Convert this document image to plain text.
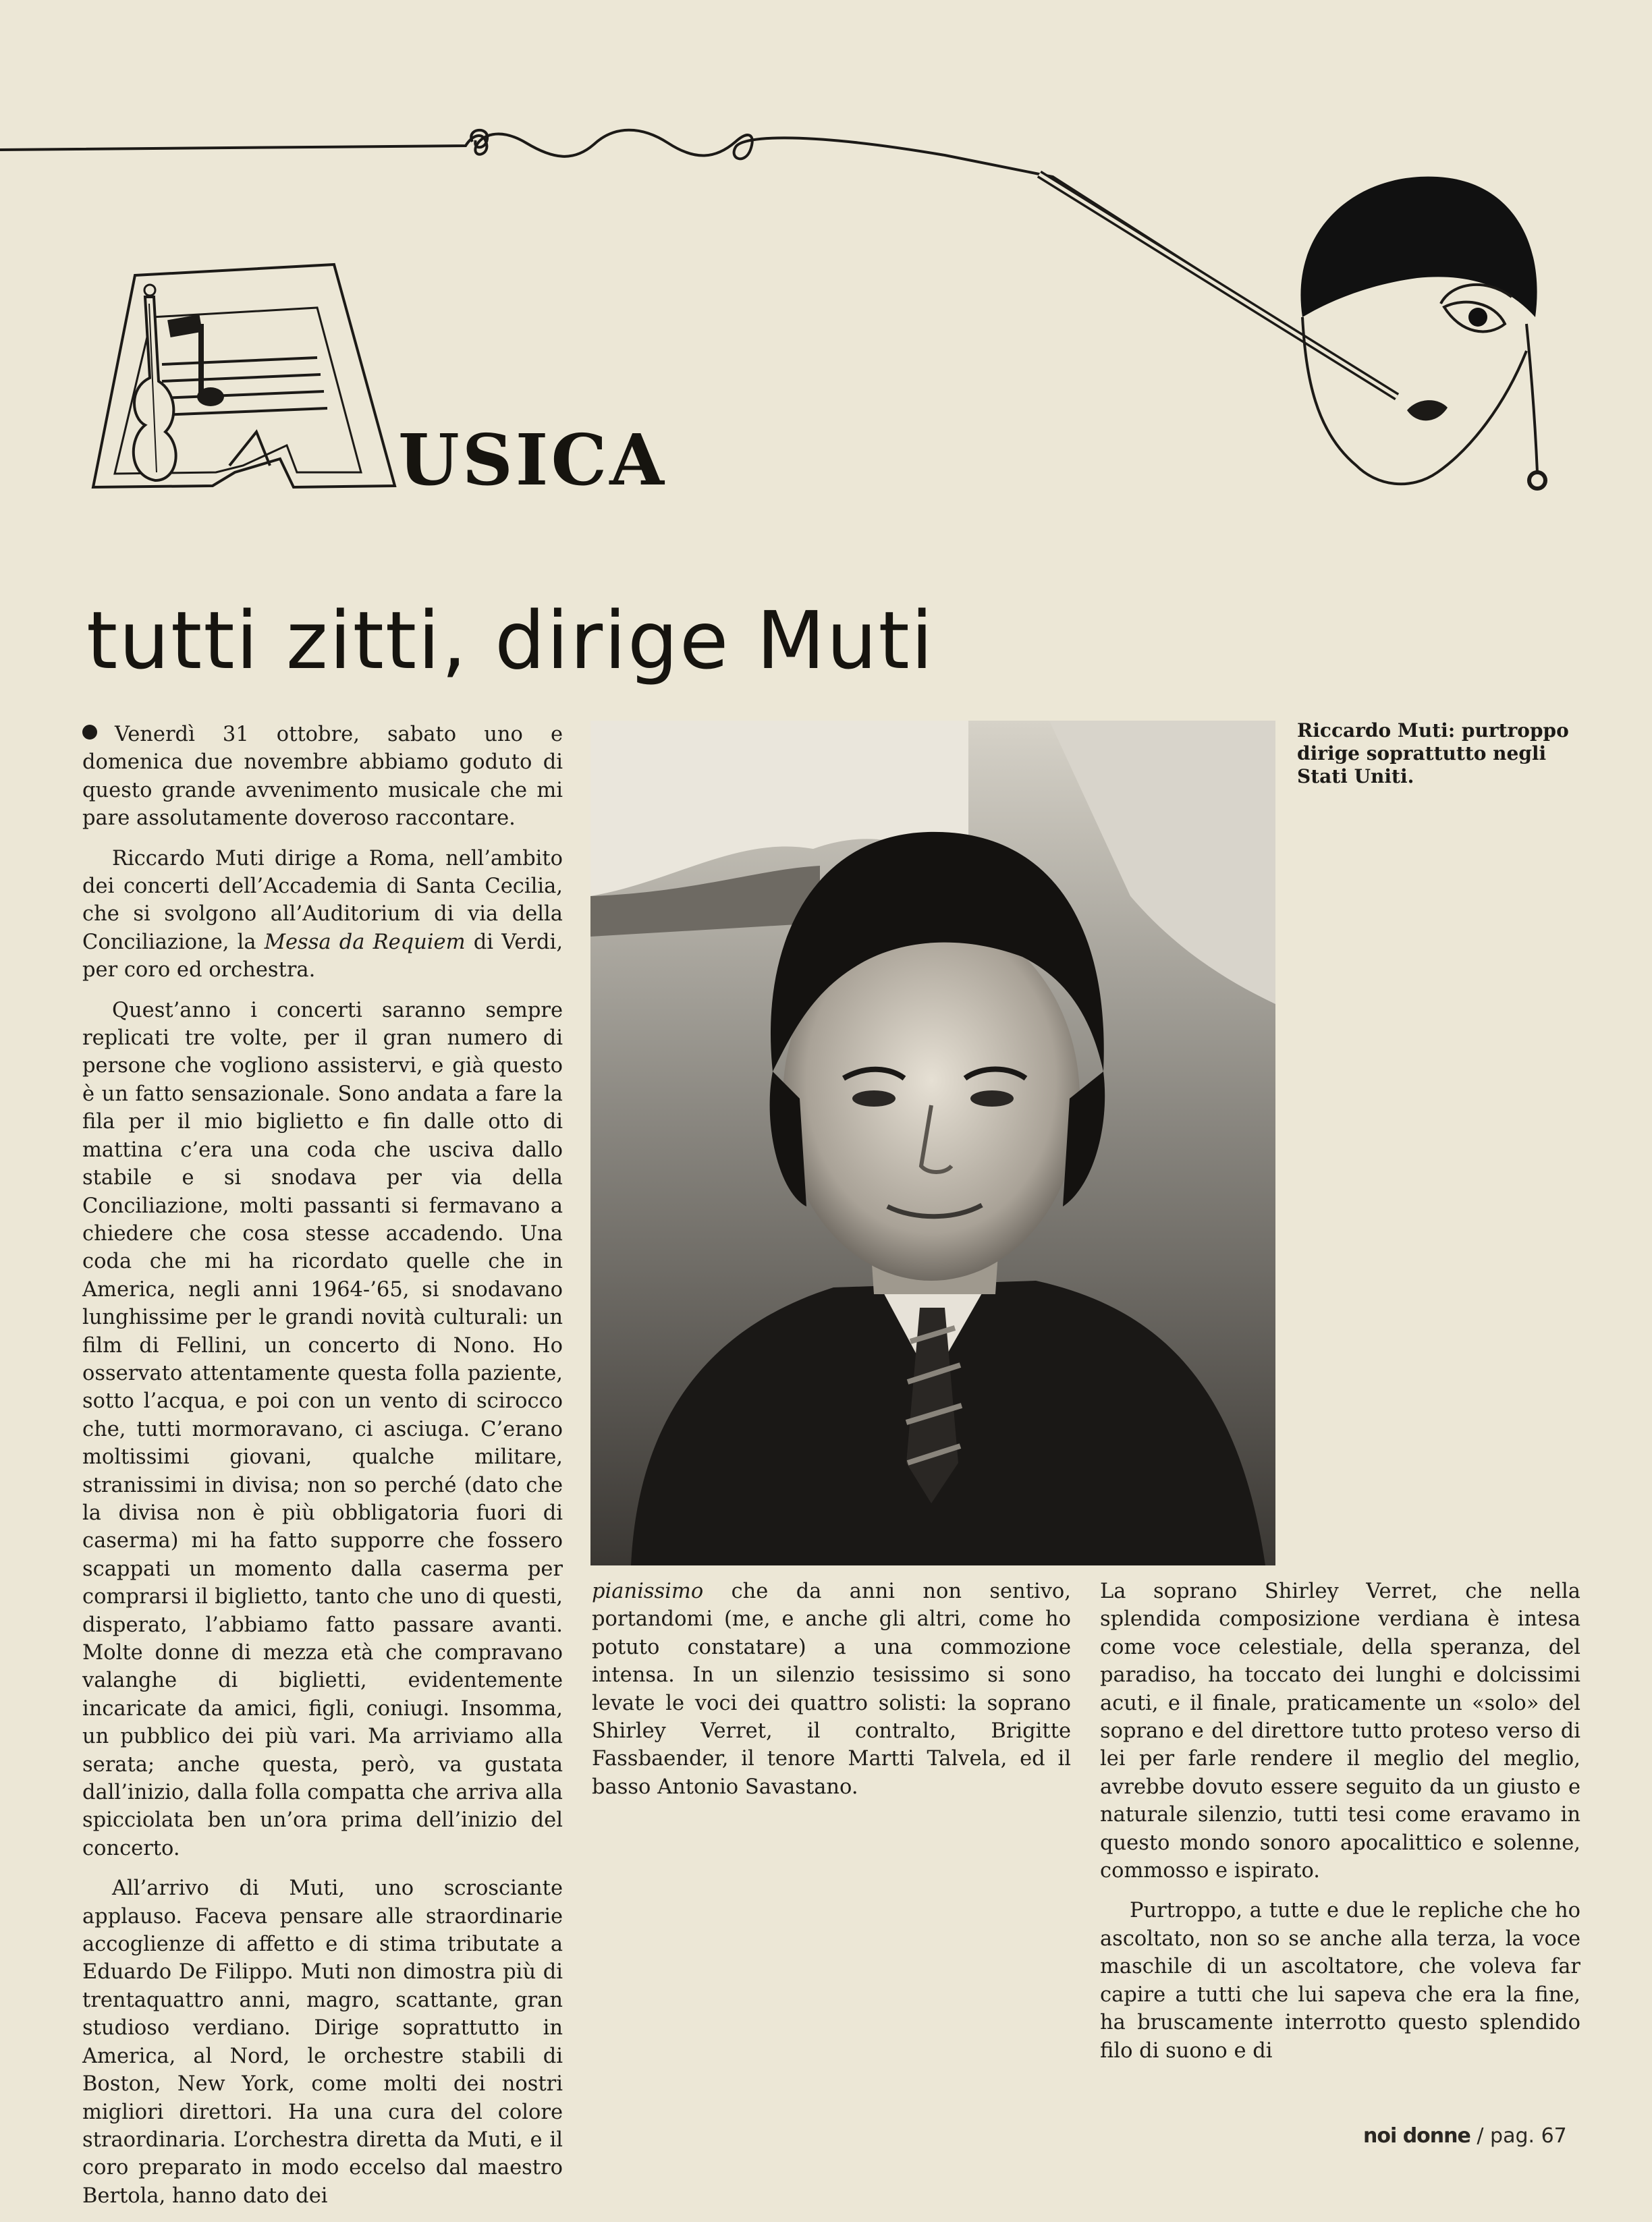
USICA
tutti zitti, dirige Muti

Venerdì 31 ottobre, sabato uno e domenica due novembre abbiamo goduto di questo grande avvenimento musicale che mi pare assolutamente doveroso raccontare.

Riccardo Muti dirige a Roma, nell’ambito dei concerti dell’Accademia di Santa Cecilia, che si svolgono all’Auditorium di via della Conciliazione, la Messa da Requiem di Verdi, per coro ed orchestra.

Quest’anno i concerti saranno sempre replicati tre volte, per il gran numero di persone che vogliono assistervi, e già questo è un fatto sensazionale. Sono andata a fare la fila per il mio biglietto e fin dalle otto di mattina c’era una coda che usciva dallo stabile e si snodava per via della Conciliazione, molti passanti si fermavano a chiedere che cosa stesse accadendo. Una coda che mi ha ricordato quelle che in America, negli anni 1964-’65, si snodavano lunghissime per le grandi novità culturali: un film di Fellini, un concerto di Nono. Ho osservato attentamente questa folla paziente, sotto l’acqua, e poi con un vento di scirocco che, tutti mormoravano, ci asciuga. C’erano moltissimi giovani, qualche militare, stranissimi in divisa; non so perché (dato che la divisa non è più obbligatoria fuori di caserma) mi ha fatto supporre che fossero scappati un momento dalla caserma per comprarsi il biglietto, tanto che uno di questi, disperato, l’abbiamo fatto passare avanti. Molte donne di mezza età che compravano valanghe di biglietti, evidentemente incaricate da amici, figli, coniugi. Insomma, un pubblico dei più vari. Ma arriviamo alla serata; anche questa, però, va gustata dall’inizio, dalla folla compatta che arriva alla spicciolata ben un’ora prima dell’inizio del concerto.

All’arrivo di Muti, uno scrosciante applauso. Faceva pensare alle straordinarie accoglienze di affetto e di stima tributate a Eduardo De Filippo. Muti non dimostra più di trentaquattro anni, magro, scattante, gran studioso verdiano. Dirige soprattutto in America, al Nord, le orchestre stabili di Boston, New York, come molti dei nostri migliori direttori. Ha una cura del colore straordinaria. L’orchestra diretta da Muti, e il coro preparato in modo eccelso dal maestro Bertola, hanno dato dei

Riccardo Muti: purtroppo dirige soprattutto negli Stati Uniti.

pianissimo che da anni non sentivo, portandomi (me, e anche gli altri, come ho potuto constatare) a una commozione intensa. In un silenzio tesissimo si sono levate le voci dei quattro solisti: la soprano Shirley Verret, il contralto, Brigitte Fassbaender, il tenore Martti Talvela, ed il basso Antonio Savastano.

La soprano Shirley Verret, che nella splendida composizione verdiana è intesa come voce celestiale, della speranza, del paradiso, ha toccato dei lunghi e dolcissimi acuti, e il finale, praticamente un «solo» del soprano e del direttore tutto proteso verso di lei per farle rendere il meglio del meglio, avrebbe dovuto essere seguito da un giusto e naturale silenzio, tutti tesi come eravamo in questo mondo sonoro apocalittico e solenne, commosso e ispirato.

Purtroppo, a tutte e due le repliche che ho ascoltato, non so se anche alla terza, la voce maschile di un ascoltatore, che voleva far capire a tutti che lui sapeva che era la fine, ha bruscamente interrotto questo splendido filo di suono e di

noi donne / pag. 67
